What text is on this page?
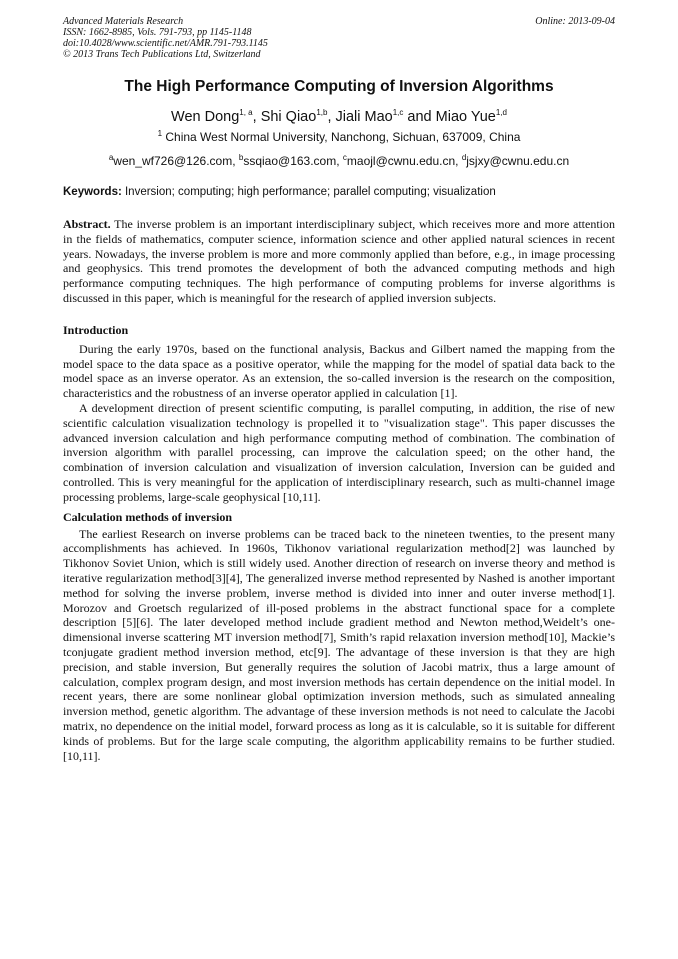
Advanced Materials Research
ISSN: 1662-8985, Vols. 791-793, pp 1145-1148
doi:10.4028/www.scientific.net/AMR.791-793.1145
© 2013 Trans Tech Publications Ltd, Switzerland
Online: 2013-09-04
The High Performance Computing of Inversion Algorithms
Wen Dong$^{1, a}$, Shi Qiao$^{1,b}$, Jiali Mao$^{1,c}$ and Miao Yue$^{1,d}$
$^1$ China West Normal University, Nanchong, Sichuan, 637009, China
$^a$wen_wf726@126.com, $^b$ssqiao@163.com, $^c$maojl@cwnu.edu.cn, $^d$jsjxy@cwnu.edu.cn
Keywords: Inversion; computing; high performance; parallel computing; visualization

Abstract. The inverse problem is an important interdisciplinary subject, which receives more and more attention in the fields of mathematics, computer science, information science and other applied natural sciences in recent years. Nowadays, the inverse problem is more and more commonly applied than before, e.g., in image processing and geophysics. This trend promotes the development of both the advanced computing methods and high performance computing techniques. The high performance of computing problems for inverse algorithms is discussed in this paper, which is meaningful for the research of applied inversion subjects.

Introduction

During the early 1970s, based on the functional analysis, Backus and Gilbert named the mapping from the model space to the data space as a positive operator, while the mapping for the model of spatial data back to the model space as an inverse operator. As an extension, the so-called inversion is the research on the composition, characteristics and the robustness of an inverse operator applied in calculation [1].

A development direction of present scientific computing, is parallel computing, in addition, the rise of new scientific calculation visualization technology is propelled it to "visualization stage". This paper discusses the advanced inversion calculation and high performance computing method of combination. The combination of inversion algorithm with parallel processing, can improve the calculation speed; on the other hand, the combination of inversion calculation and visualization of inversion calculation, Inversion can be guided and controlled. This is very meaningful for the application of interdisciplinary research, such as multi-channel image processing problems, large-scale geophysical [10,11].

Calculation methods of inversion

The earliest Research on inverse problems can be traced back to the nineteen twenties, to the present many accomplishments has achieved. In 1960s, Tikhonov variational regularization method[2] was launched by Tikhonov Soviet Union, which is still widely used. Another direction of research on inverse theory and method is iterative regularization method[3][4], The generalized inverse method represented by Nashed is another important method for solving the inverse problem, inverse method is divided into inner and outer inverse method[1]. Morozov and Groetsch regularized of ill-posed problems in the abstract functional space for a complete description [5][6]. The later developed method include gradient method and Newton method,Weidelt’s one-dimensional inverse scattering MT inversion method[7], Smith’s rapid relaxation inversion method[10], Mackie’s tconjugate gradient method inversion method, etc[9]. The advantage of these inversion is that they are high precision, and stable inversion, But generally requires the solution of Jacobi matrix, thus a large amount of calculation, complex program design, and most inversion methods has certain dependence on the initial model. In recent years, there are some nonlinear global optimization inversion methods, such as simulated annealing inversion method, genetic algorithm. The advantage of these inversion methods is not need to calculate the Jacobi matrix, no dependence on the initial model, forward process as long as it is calculable, so it is suitable for different kinds of problems. But for the large scale computing, the algorithm applicability remains to be further studied. [10,11].
